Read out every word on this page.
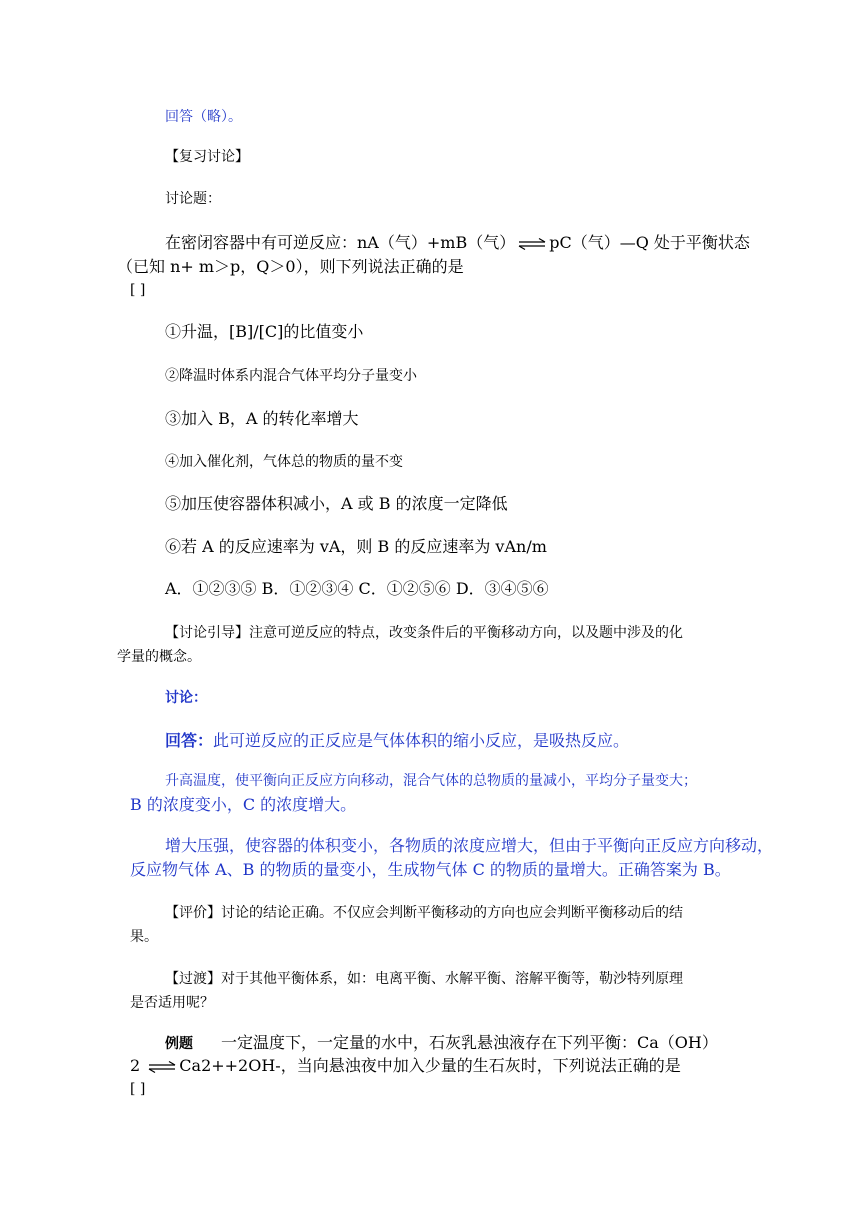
回答（略）。
【复习讨论】
讨论题：
在密闭容器中有可逆反应：nA（气）+mB（气） ⇌ pC（气）—Q 处于平衡状态
（已知 n+ m＞p，Q＞0），则下列说法正确的是
[ ]
①升温，[B]/[C]的比值变小
②降温时体系内混合气体平均分子量变小
③加入 B，A 的转化率增大
④加入催化剂，气体总的物质的量不变
⑤加压使容器体积减小，A 或 B 的浓度一定降低
⑥若 A 的反应速率为 vA，则 B 的反应速率为 vAn/m
A．①②③⑤ B．①②③④ C．①②⑤⑥ D．③④⑤⑥
【讨论引导】注意可逆反应的特点，改变条件后的平衡移动方向，以及题中涉及的化
学量的概念。
讨论：
回答：此可逆反应的正反应是气体体积的缩小反应，是吸热反应。
升高温度，使平衡向正反应方向移动，混合气体的总物质的量减小，平均分子量变大；
B 的浓度变小，C 的浓度增大。
增大压强，使容器的体积变小，各物质的浓度应增大，但由于平衡向正反应方向移动，
反应物气体 A、B 的物质的量变小，生成物气体 C 的物质的量增大。正确答案为 B。
【评价】讨论的结论正确。不仅应会判断平衡移动的方向也应会判断平衡移动后的结
果。
【过渡】对于其他平衡体系，如：电离平衡、水解平衡、溶解平衡等，勒沙特列原理
是否适用呢？
例题 一定温度下，一定量的水中，石灰乳悬浊液存在下列平衡：Ca（OH）
2 ⇌ Ca2++2OH-，当向悬浊夜中加入少量的生石灰时，下列说法正确的是
[ ]
